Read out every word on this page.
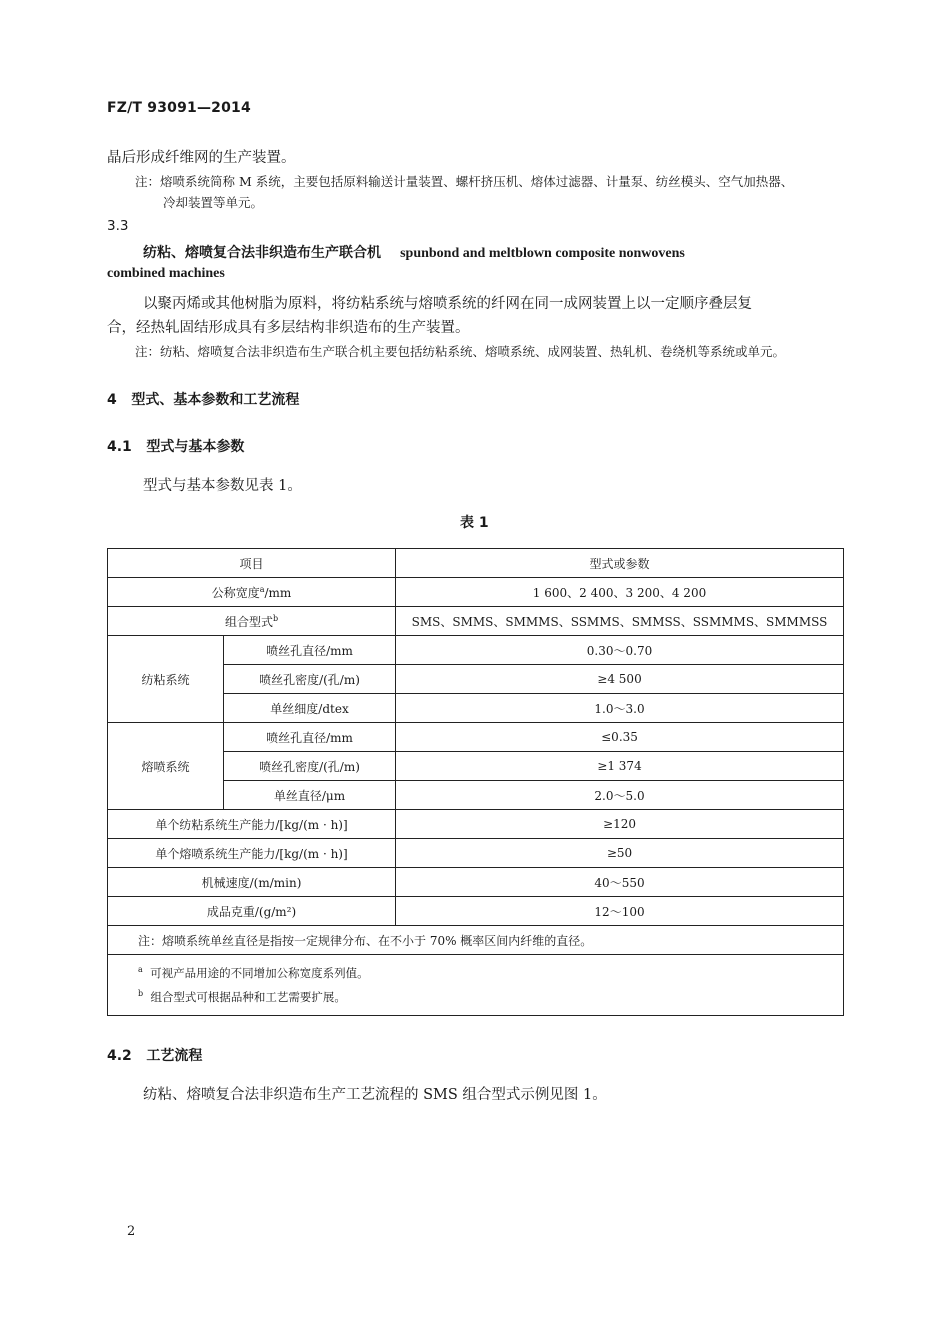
FZ/T 93091—2014
晶后形成纤维网的生产装置。
注：熔喷系统简称 M 系统，主要包括原料输送计量装置、螺杆挤压机、熔体过滤器、计量泵、纺丝模头、空气加热器、
冷却装置等单元。
3.3
纺粘、熔喷复合法非织造布生产联合机 spunbond and meltblown composite nonwovens
combined machines
以聚丙烯或其他树脂为原料，将纺粘系统与熔喷系统的纤网在同一成网装置上以一定顺序叠层复
合，经热轧固结形成具有多层结构非织造布的生产装置。
注：纺粘、熔喷复合法非织造布生产联合机主要包括纺粘系统、熔喷系统、成网装置、热轧机、卷绕机等系统或单元。
4   型式、基本参数和工艺流程
4.1   型式与基本参数
型式与基本参数见表 1。
表 1
项目		型式或参数
公称宽度$^a$/mm		1 600、2 400、3 200、4 200
组合型式$^b$		SMS、SMMS、SMMMS、SSMMS、SMMSS、SSMMMS、SMMMSS
纺粘系统	喷丝孔直径/mm	0.30～0.70
	喷丝孔密度/(孔/m)	≥4 500
	单丝细度/dtex	1.0～3.0
熔喷系统	喷丝孔直径/mm	≤0.35
	喷丝孔密度/(孔/m)	≥1 374
	单丝直径/μm	2.0～5.0
单个纺粘系统生产能力/[kg/(m · h)]		≥120
单个熔喷系统生产能力/[kg/(m · h)]		≥50
机械速度/(m/min)		40～550
成品克重/(g/m²)		12～100
注：熔喷系统单丝直径是指按一定规律分布、在不小于 70% 概率区间内纤维的直径。		
$^a$ 可视产品用途的不同增加公称宽度系列值。		
$^b$ 组合型式可根据品种和工艺需要扩展。		
4.2   工艺流程
纺粘、熔喷复合法非织造布生产工艺流程的 SMS 组合型式示例见图 1。
2
